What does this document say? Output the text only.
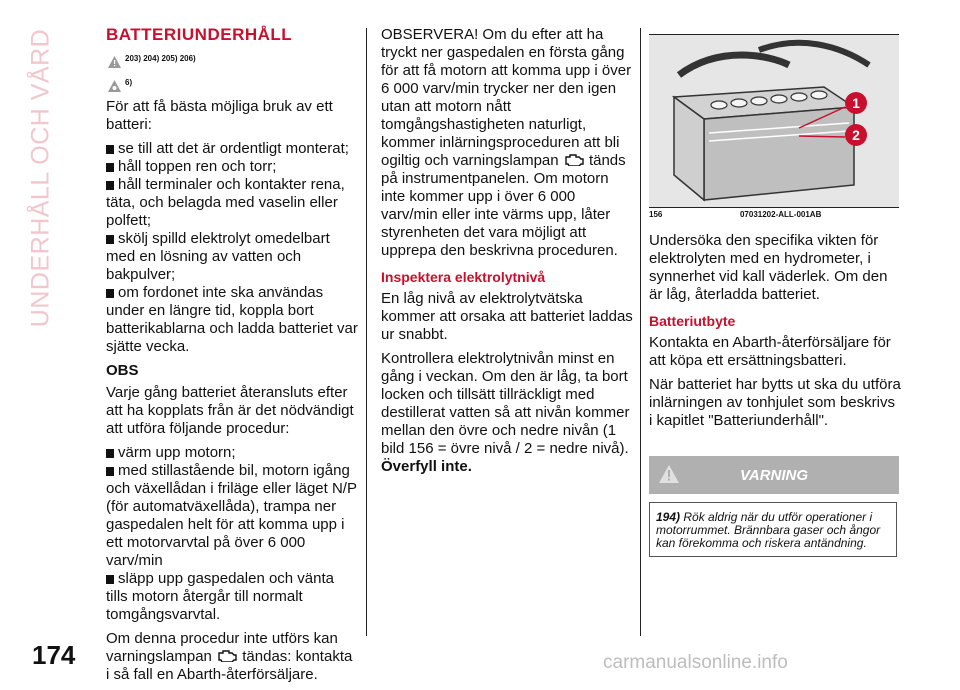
UNDERHÅLL OCH VÅRD	BATTERIUNDERHÅLL
203) 204) 205) 206)
6)

För att få bästa möjliga bruk av ett batteri:

se till att det är ordentligt monterat;
håll toppen ren och torr;
håll terminaler och kontakter rena, täta, och belagda med vaselin eller polfett;
skölj spilld elektrolyt omedelbart med en lösning av vatten och bakpulver;
om fordonet inte ska användas under en längre tid, koppla bort batterikablarna och ladda batteriet var sjätte vecka.
OBS

Varje gång batteriet återansluts efter att ha kopplats från är det nödvändigt att utföra följande procedur:

värm upp motorn;
med stillastående bil, motorn igång och växellådan i friläge eller läget N/P (för automatväxellåda), trampa ner gaspedalen helt för att komma upp i ett motorvarvtal på över 6 000 varv/min
släpp upp gaspedalen och vänta tills motorn återgår till normalt tomgångsvarvtal.

Om denna procedur inte utförs kan varningslampan tändas: kontakta i så fall en Abarth-återförsäljare.

OBSERVERA! Om du efter att ha tryckt ner gaspedalen en första gång för att få motorn att komma upp i över 6 000 varv/min trycker ner den igen utan att motorn nått tomgångshastigheten naturligt, kommer inlärningsproceduren att bli ogiltig och varningslampan tänds på instrumentpanelen. Om motorn inte kommer upp i över 6 000 varv/min eller inte värms upp, låter styrenheten det vara möjligt att upprepa den beskrivna proceduren.

Inspektera elektrolytnivå

En låg nivå av elektrolytvätska kommer att orsaka att batteriet laddas ur snabbt.

Kontrollera elektrolytnivån minst en gång i veckan. Om den är låg, ta bort locken och tillsätt tillräckligt med destillerat vatten så att nivån kommer mellan den övre och nedre nivån (1 bild 156 = övre nivå / 2 = nedre nivå).
Överfyll inte.

1
2
156	07031202-ALL-001AB

Undersöka den specifika vikten för elektrolyten med en hydrometer, i synnerhet vid kall väderlek. Om den är låg, återladda batteriet.

Batteriutbyte

Kontakta en Abarth-återförsäljare för att köpa ett ersättningsbatteri.

När batteriet har bytts ut ska du utföra inlärningen av tonhjulet som beskrivs i kapitlet "Batteriunderhåll".

VARNING
194) Rök aldrig när du utför operationer i motorrummet. Brännbara gaser och ångor kan förekomma och riskera antändning.
174	carmanualsonline.info
